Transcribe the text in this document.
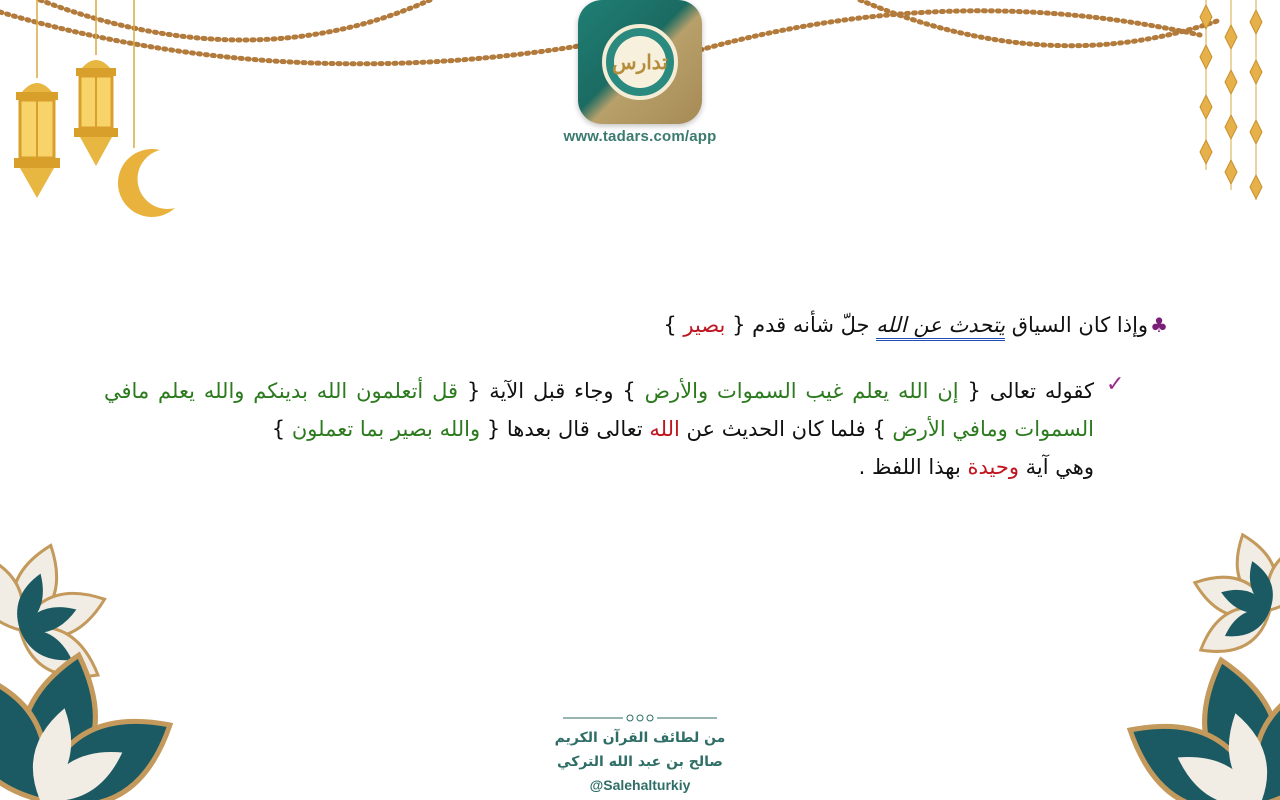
تدارس
www.tadars.com/app
♣وإذا كان السياق يتحدث عن الله جلّ شأنه قدم { بصير }
✓
كقوله تعالى { إن الله يعلم غيب السموات والأرض } وجاء قبل الآية { قل أتعلمون الله بدينكم والله يعلم مافي السموات ومافي الأرض } فلما كان الحديث عن الله تعالى قال بعدها { والله بصير بما تعملون }
وهي آية وحيدة بهذا اللفظ .
من لطائف القرآن الكريم
صالح بن عبد الله التركي
@Salehalturkiy
